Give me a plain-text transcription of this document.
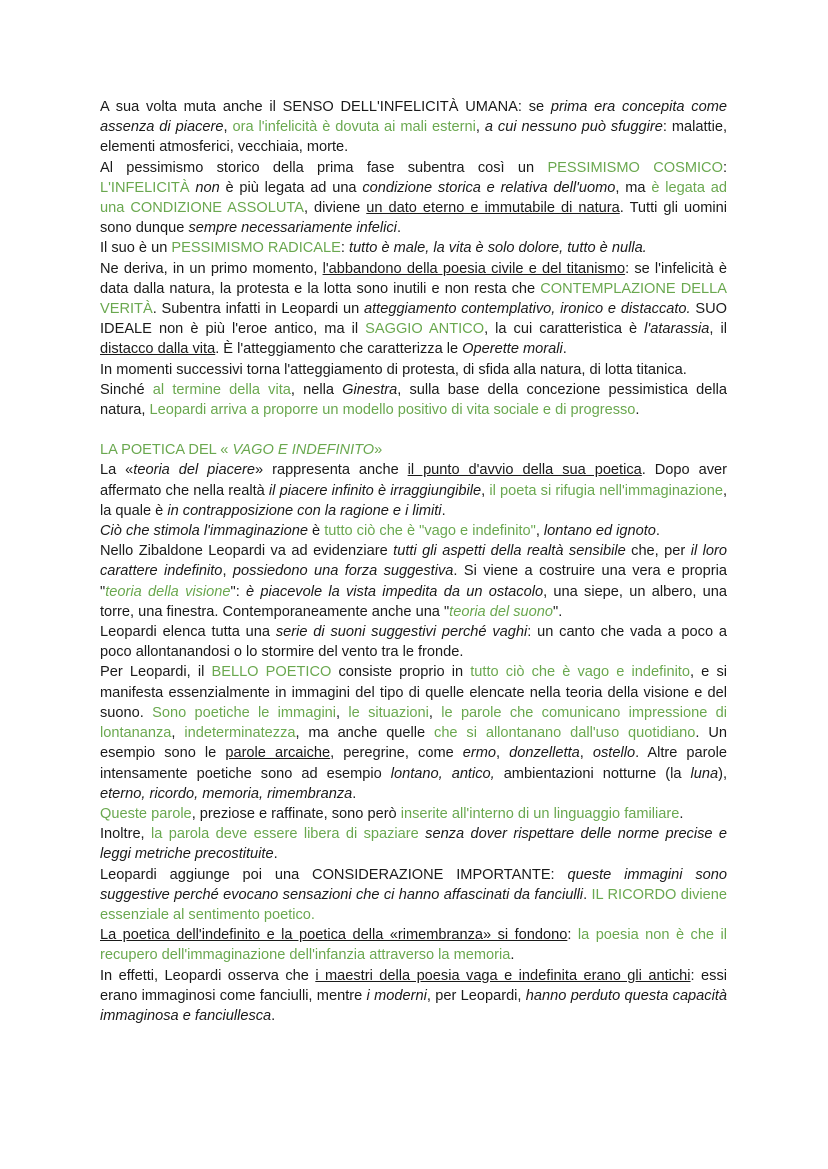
A sua volta muta anche il SENSO DELL'INFELICITÀ UMANA: se prima era concepita come assenza di piacere, ora l'infelicità è dovuta ai mali esterni, a cui nessuno può sfuggire: malattie, elementi atmosferici, vecchiaia, morte.

Al pessimismo storico della prima fase subentra così un PESSIMISMO COSMICO: L'INFELICITÀ non è più legata ad una condizione storica e relativa dell'uomo, ma è legata ad una CONDIZIONE ASSOLUTA, diviene un dato eterno e immutabile di natura. Tutti gli uomini sono dunque sempre necessariamente infelici.

Il suo è un PESSIMISMO RADICALE: tutto è male, la vita è solo dolore, tutto è nulla.

Ne deriva, in un primo momento, l'abbandono della poesia civile e del titanismo: se l'infelicità è data dalla natura, la protesta e la lotta sono inutili e non resta che CONTEMPLAZIONE DELLA VERITÀ. Subentra infatti in Leopardi un atteggiamento contemplativo, ironico e distaccato. SUO IDEALE non è più l'eroe antico, ma il SAGGIO ANTICO, la cui caratteristica è l'atarassia, il distacco dalla vita. È l'atteggiamento che caratterizza le Operette morali.

In momenti successivi torna l'atteggiamento di protesta, di sfida alla natura, di lotta titanica.

Sinché al termine della vita, nella Ginestra, sulla base della concezione pessimistica della natura, Leopardi arriva a proporre un modello positivo di vita sociale e di progresso.

LA POETICA DEL « VAGO E INDEFINITO»

La «teoria del piacere» rappresenta anche il punto d'avvio della sua poetica. Dopo aver affermato che nella realtà il piacere infinito è irraggiungibile, il poeta si rifugia nell'immaginazione, la quale è in contrapposizione con la ragione e i limiti.

Ciò che stimola l'immaginazione è tutto ciò che è "vago e indefinito", lontano ed ignoto.

Nello Zibaldone Leopardi va ad evidenziare tutti gli aspetti della realtà sensibile che, per il loro carattere indefinito, possiedono una forza suggestiva. Si viene a costruire una vera e propria "teoria della visione": è piacevole la vista impedita da un ostacolo, una siepe, un albero, una torre, una finestra. Contemporaneamente anche una "teoria del suono".

Leopardi elenca tutta una serie di suoni suggestivi perché vaghi: un canto che vada a poco a poco allontanandosi o lo stormire del vento tra le fronde.

Per Leopardi, il BELLO POETICO consiste proprio in tutto ciò che è vago e indefinito, e si manifesta essenzialmente in immagini del tipo di quelle elencate nella teoria della visione e del suono. Sono poetiche le immagini, le situazioni, le parole che comunicano impressione di lontananza, indeterminatezza, ma anche quelle che si allontanano dall'uso quotidiano. Un esempio sono le parole arcaiche, peregrine, come ermo, donzelletta, ostello. Altre parole intensamente poetiche sono ad esempio lontano, antico, ambientazioni notturne (la luna), eterno, ricordo, memoria, rimembranza.

Queste parole, preziose e raffinate, sono però inserite all'interno di un linguaggio familiare.

Inoltre, la parola deve essere libera di spaziare senza dover rispettare delle norme precise e leggi metriche precostituite.

Leopardi aggiunge poi una CONSIDERAZIONE IMPORTANTE: queste immagini sono suggestive perché evocano sensazioni che ci hanno affascinati da fanciulli. IL RICORDO diviene essenziale al sentimento poetico.

La poetica dell'indefinito e la poetica della «rimembranza» si fondono: la poesia non è che il recupero dell'immaginazione dell'infanzia attraverso la memoria.

In effetti, Leopardi osserva che i maestri della poesia vaga e indefinita erano gli antichi: essi erano immaginosi come fanciulli, mentre i moderni, per Leopardi, hanno perduto questa capacità immaginosa e fanciullesca.
